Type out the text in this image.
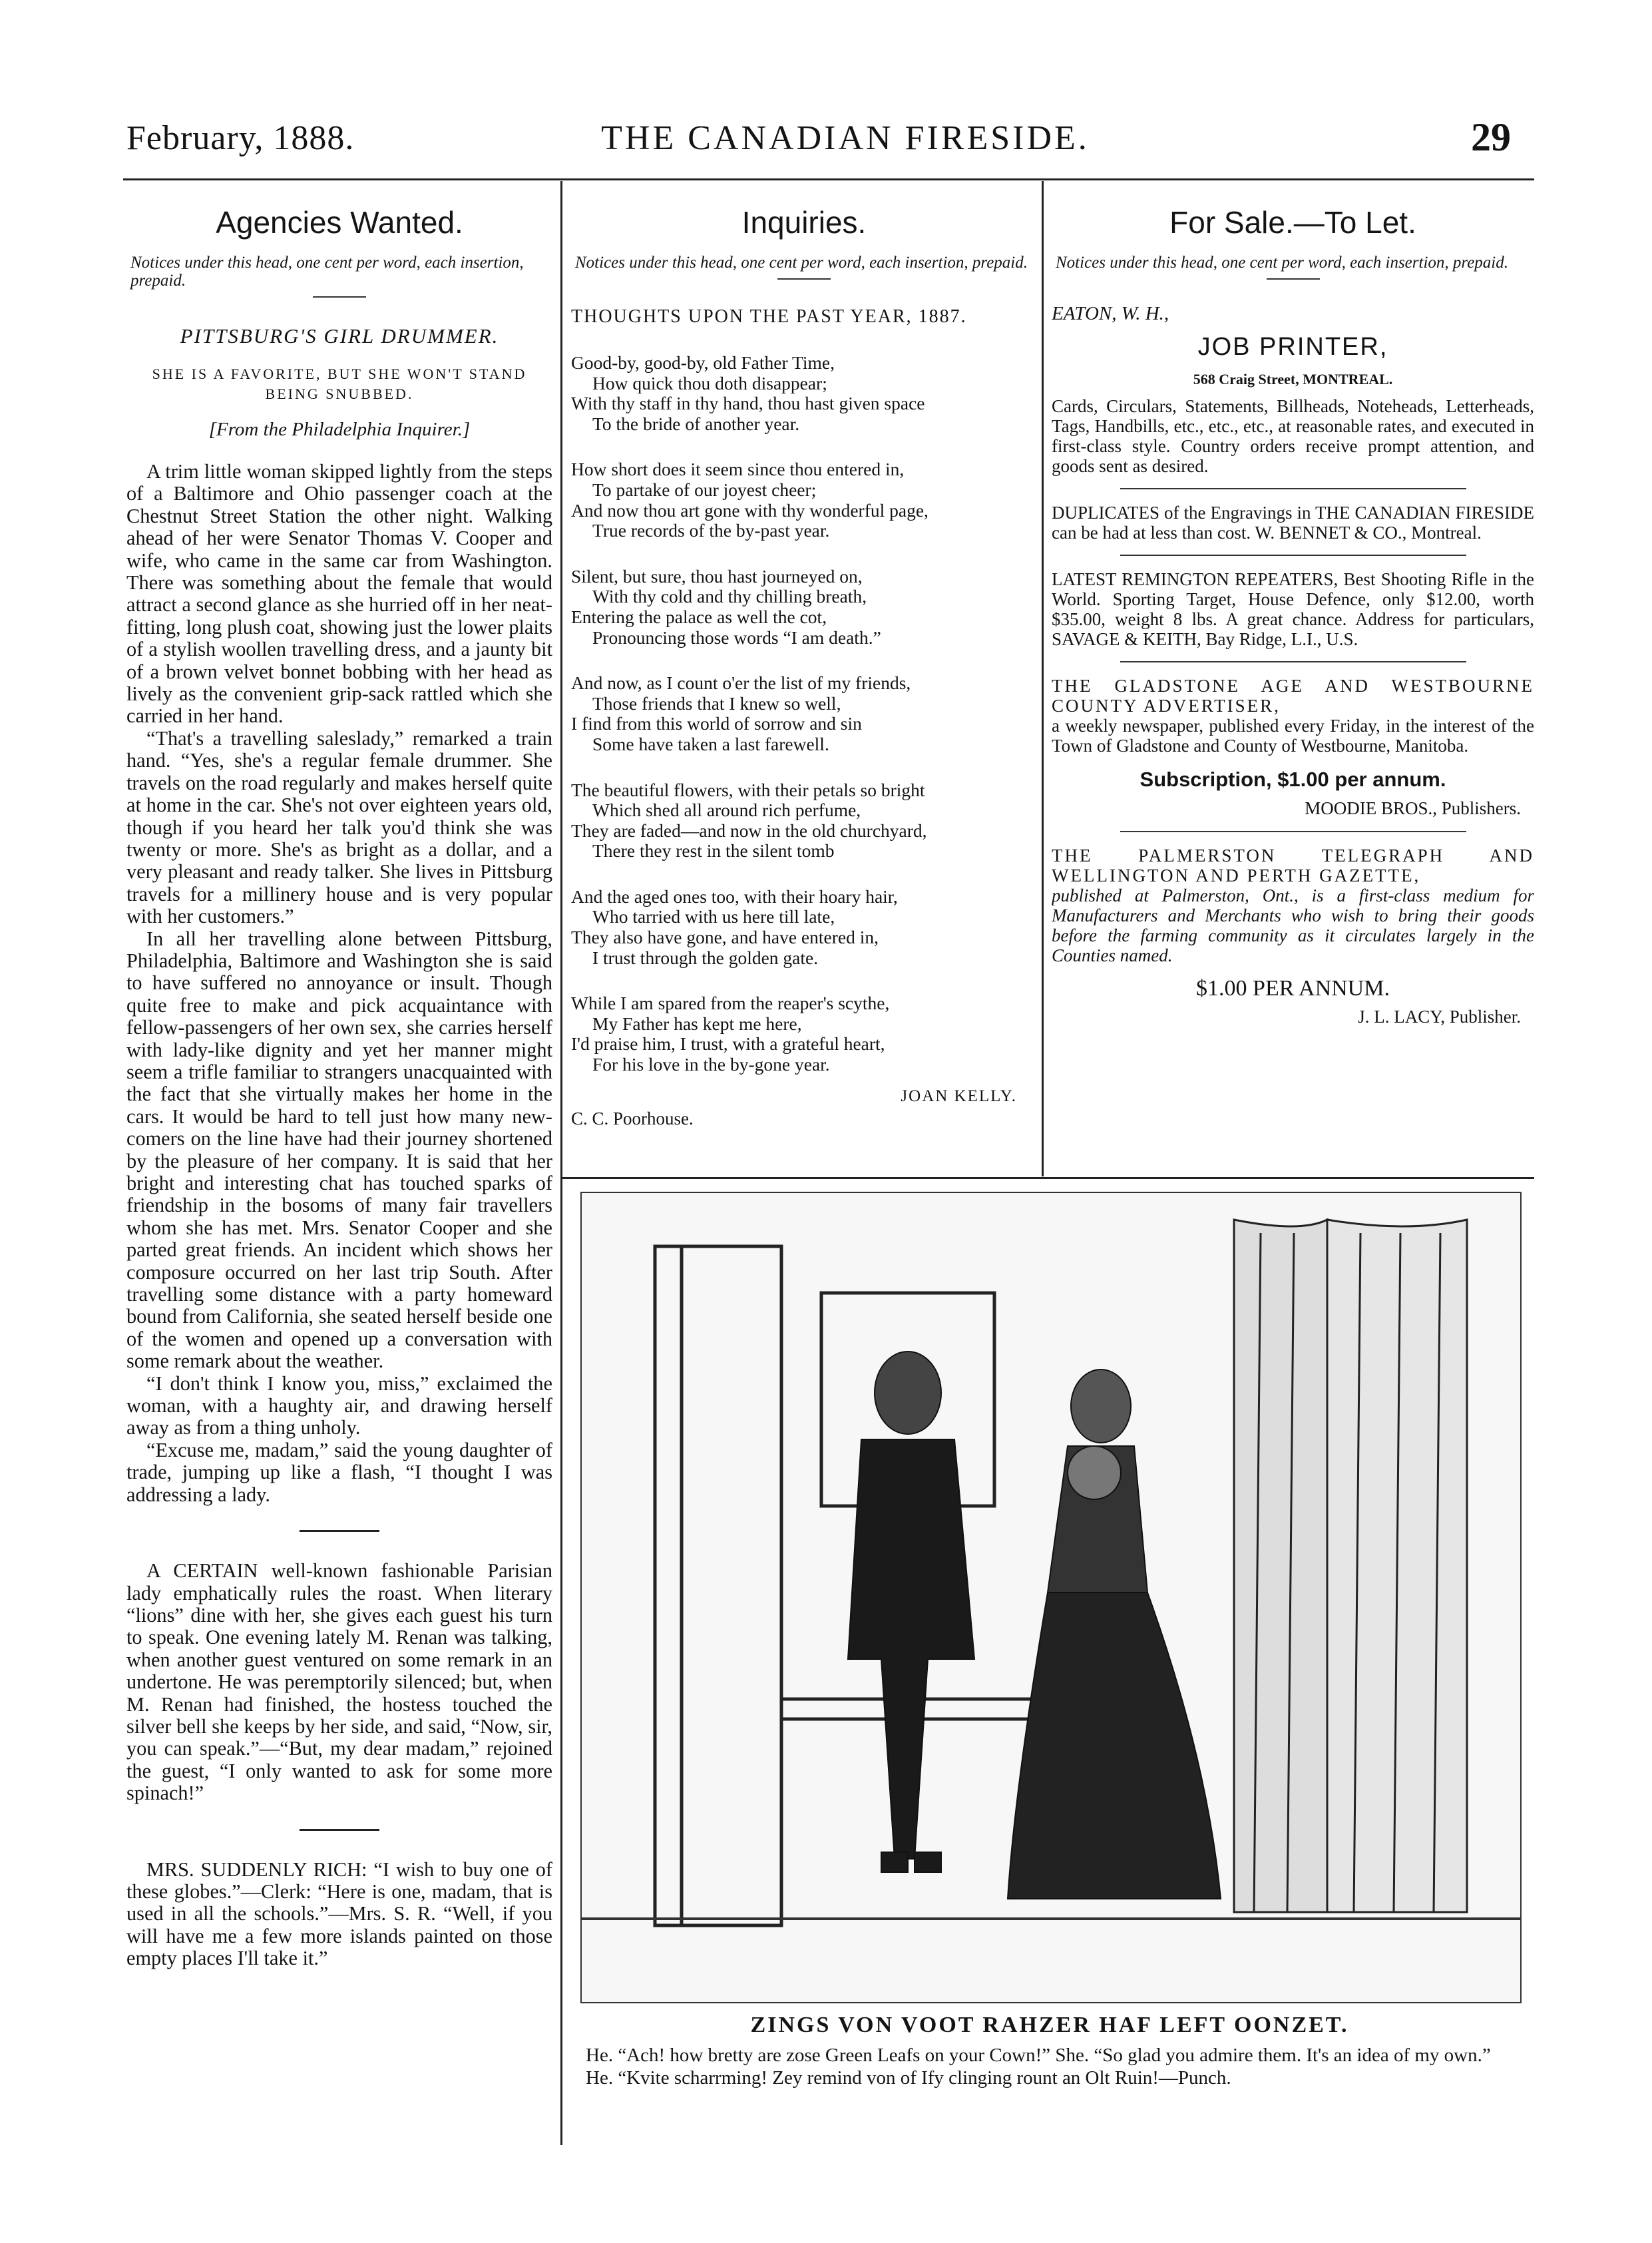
February, 1888.	THE CANADIAN FIRESIDE.	29
Agencies Wanted.
Notices under this head, one cent per word, each insertion, prepaid.
PITTSBURG'S GIRL DRUMMER.
SHE IS A FAVORITE, BUT SHE WON'T STAND BEING SNUBBED.
[From the Philadelphia Inquirer.]

A trim little woman skipped lightly from the steps of a Baltimore and Ohio passenger coach at the Chestnut Street Station the other night. Walking ahead of her were Senator Thomas V. Cooper and wife, who came in the same car from Washington. There was something about the female that would attract a second glance as she hurried off in her neat-fitting, long plush coat, showing just the lower plaits of a stylish woollen travelling dress, and a jaunty bit of a brown velvet bonnet bobbing with her head as lively as the convenient grip-sack rattled which she carried in her hand.

“That's a travelling saleslady,” remarked a train hand. “Yes, she's a regular female drummer. She travels on the road regularly and makes herself quite at home in the car. She's not over eighteen years old, though if you heard her talk you'd think she was twenty or more. She's as bright as a dollar, and a very pleasant and ready talker. She lives in Pittsburg travels for a millinery house and is very popular with her customers.”

In all her travelling alone between Pittsburg, Philadelphia, Baltimore and Washington she is said to have suffered no annoyance or insult. Though quite free to make and pick acquaintance with fellow-passengers of her own sex, she carries herself with lady-like dignity and yet her manner might seem a trifle familiar to strangers unacquainted with the fact that she virtually makes her home in the cars. It would be hard to tell just how many new-comers on the line have had their journey shortened by the pleasure of her company. It is said that her bright and interesting chat has touched sparks of friendship in the bosoms of many fair travellers whom she has met. Mrs. Senator Cooper and she parted great friends. An incident which shows her composure occurred on her last trip South. After travelling some distance with a party homeward bound from California, she seated herself beside one of the women and opened up a conversation with some remark about the weather.

“I don't think I know you, miss,” exclaimed the woman, with a haughty air, and drawing herself away as from a thing unholy.

“Excuse me, madam,” said the young daughter of trade, jumping up like a flash, “I thought I was addressing a lady.

A CERTAIN well-known fashionable Parisian lady emphatically rules the roast. When literary “lions” dine with her, she gives each guest his turn to speak. One evening lately M. Renan was talking, when another guest ventured on some remark in an undertone. He was peremptorily silenced; but, when M. Renan had finished, the hostess touched the silver bell she keeps by her side, and said, “Now, sir, you can speak.”—“But, my dear madam,” rejoined the guest, “I only wanted to ask for some more spinach!”

MRS. SUDDENLY RICH: “I wish to buy one of these globes.”—Clerk: “Here is one, madam, that is used in all the schools.”—Mrs. S. R. “Well, if you will have me a few more islands painted on those empty places I'll take it.”

Inquiries.
Notices under this head, one cent per word, each insertion, prepaid.
THOUGHTS UPON THE PAST YEAR, 1887.
Good-by, good-by, old Father Time,
How quick thou doth disappear;
With thy staff in thy hand, thou hast given space
To the bride of another year.
How short does it seem since thou entered in,
To partake of our joyest cheer;
And now thou art gone with thy wonderful page,
True records of the by-past year.
Silent, but sure, thou hast journeyed on,
With thy cold and thy chilling breath,
Entering the palace as well the cot,
Pronouncing those words “I am death.”
And now, as I count o'er the list of my friends,
Those friends that I knew so well,
I find from this world of sorrow and sin
Some have taken a last farewell.
The beautiful flowers, with their petals so bright
Which shed all around rich perfume,
They are faded—and now in the old churchyard,
There they rest in the silent tomb
And the aged ones too, with their hoary hair,
Who tarried with us here till late,
They also have gone, and have entered in,
I trust through the golden gate.
While I am spared from the reaper's scythe,
My Father has kept me here,
I'd praise him, I trust, with a grateful heart,
For his love in the by-gone year.
JOAN KELLY.
C. C. Poorhouse.
For Sale.—To Let.
Notices under this head, one cent per word, each insertion, prepaid.
EATON, W. H.,
JOB PRINTER,
568 Craig Street, MONTREAL.
Cards, Circulars, Statements, Billheads, Noteheads, Letterheads, Tags, Handbills, etc., etc., etc., at reasonable rates, and executed in first-class style. Country orders receive prompt attention, and goods sent as desired.
DUPLICATES of the Engravings in THE CANADIAN FIRESIDE can be had at less than cost. W. BENNET & CO., Montreal.
LATEST REMINGTON REPEATERS, Best Shooting Rifle in the World. Sporting Target, House Defence, only $12.00, worth $35.00, weight 8 lbs. A great chance. Address for particulars, SAVAGE & KEITH, Bay Ridge, L.I., U.S.
THE GLADSTONE AGE AND WESTBOURNE COUNTY ADVERTISER,
a weekly newspaper, published every Friday, in the interest of the Town of Gladstone and County of Westbourne, Manitoba.
Subscription, $1.00 per annum.
MOODIE BROS., Publishers.
THE PALMERSTON TELEGRAPH AND WELLINGTON AND PERTH GAZETTE,
published at Palmerston, Ont., is a first-class medium for Manufacturers and Merchants who wish to bring their goods before the farming community as it circulates largely in the Counties named.
$1.00 PER ANNUM.
J. L. LACY, Publisher.
ZINGS VON VOOT RAHZER HAF LEFT OONZET.
He. “Ach! how bretty are zose Green Leafs on your Cown!” She. “So glad you admire them. It's an idea of my own.” He. “Kvite scharrming! Zey remind von of Ify clinging rount an Olt Ruin!—Punch.
